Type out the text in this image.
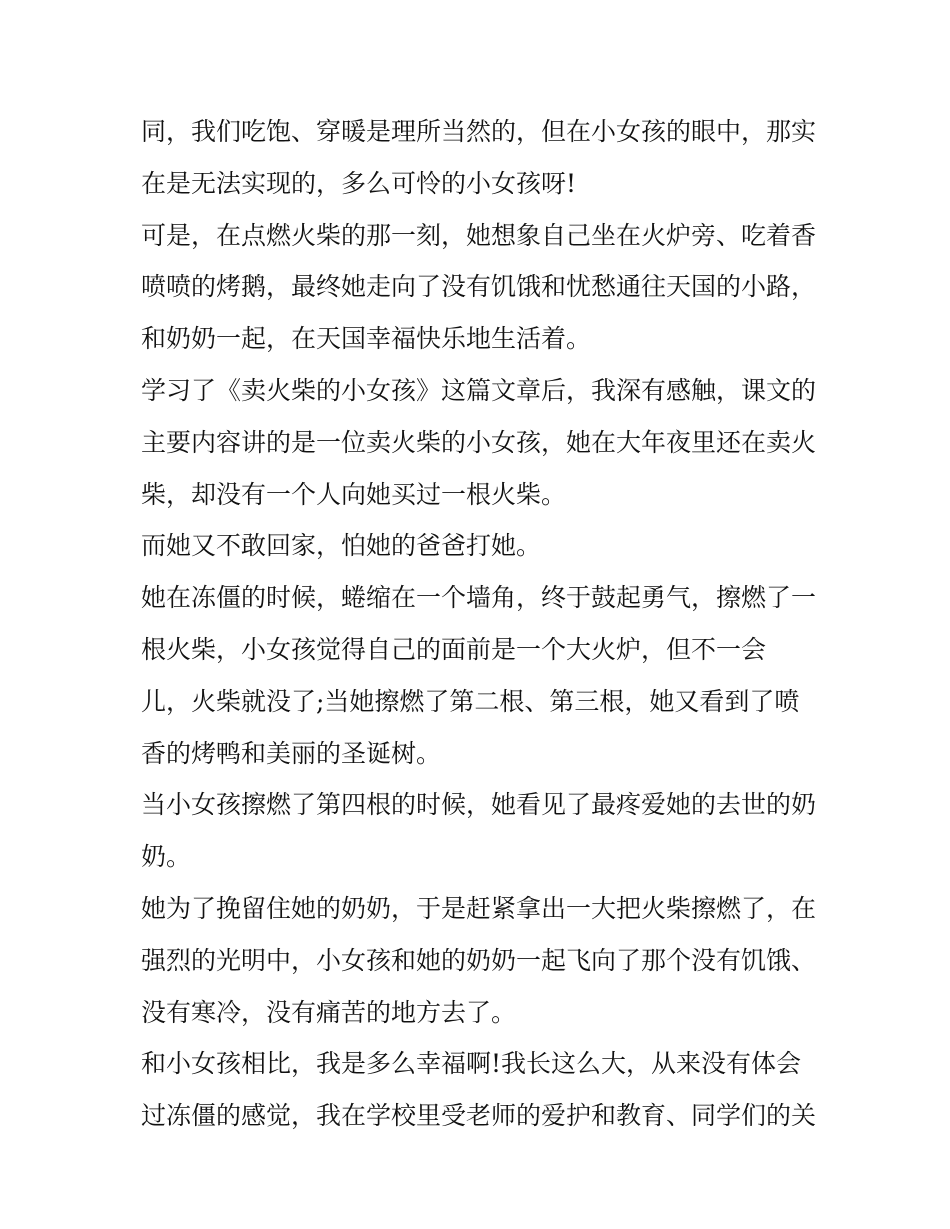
同，我们吃饱、穿暖是理所当然的，但在小女孩的眼中，那实
在是无法实现的，多么可怜的小女孩呀!
可是，在点燃火柴的那一刻，她想象自己坐在火炉旁、吃着香
喷喷的烤鹅，最终她走向了没有饥饿和忧愁通往天国的小路，
和奶奶一起，在天国幸福快乐地生活着。
学习了《卖火柴的小女孩》这篇文章后，我深有感触，课文的
主要内容讲的是一位卖火柴的小女孩，她在大年夜里还在卖火
柴，却没有一个人向她买过一根火柴。
而她又不敢回家，怕她的爸爸打她。
她在冻僵的时候，蜷缩在一个墙角，终于鼓起勇气，擦燃了一
根火柴，小女孩觉得自己的面前是一个大火炉，但不一会
儿，火柴就没了;当她擦燃了第二根、第三根，她又看到了喷
香的烤鸭和美丽的圣诞树。
当小女孩擦燃了第四根的时候，她看见了最疼爱她的去世的奶
奶。
她为了挽留住她的奶奶，于是赶紧拿出一大把火柴擦燃了，在
强烈的光明中，小女孩和她的奶奶一起飞向了那个没有饥饿、
没有寒冷，没有痛苦的地方去了。
和小女孩相比，我是多么幸福啊!我长这么大，从来没有体会
过冻僵的感觉，我在学校里受老师的爱护和教育、同学们的关
